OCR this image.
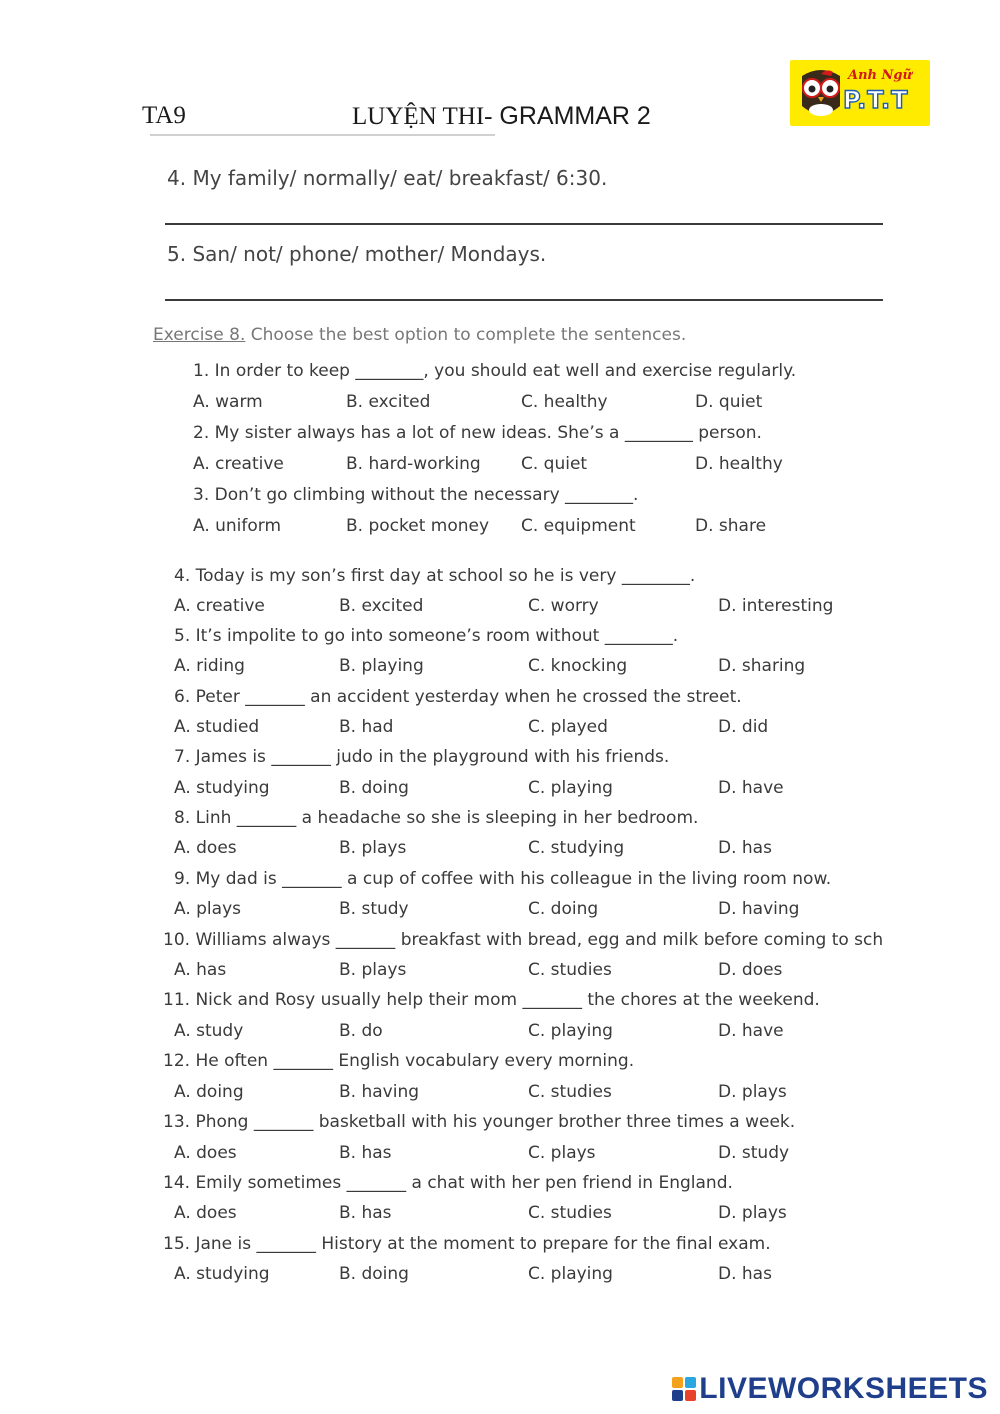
TA9	LUYỆN THI- GRAMMAR 2
Anh Ngữ
P.T.T
4. My family/ normally/ eat/ breakfast/ 6:30.
5. San/ not/ phone/ mother/ Mondays.
Exercise 8. Choose the best option to complete the sentences.
1. In order to keep ________, you should eat well and exercise regularly.
A. warm	B. excited	C. healthy	D. quiet
2. My sister always has a lot of new ideas. She’s a ________ person.
A. creative	B. hard-working C. quiet	D. healthy
3. Don’t go climbing without the necessary ________.
A. uniform	B. pocket money C. equipment	D. share
4. Today is my son’s first day at school so he is very ________.
A. creative	B. excited	C. worry	D. interesting
5. It’s impolite to go into someone’s room without ________.
A. riding	B. playing	C. knocking	D. sharing
6. Peter _______ an accident yesterday when he crossed the street.
A. studied	B. had	C. played	D. did
7. James is _______ judo in the playground with his friends.
A. studying	B. doing	C. playing	D. have
8. Linh _______ a headache so she is sleeping in her bedroom.
A. does	B. plays	C. studying	D. has
9. My dad is _______ a cup of coffee with his colleague in the living room now.
A. plays	B. study	C. doing	D. having
10. Williams always _______ breakfast with bread, egg and milk before coming to sch
A. has	B. plays	C. studies	D. does
11. Nick and Rosy usually help their mom _______ the chores at the weekend.
A. study	B. do	C. playing	D. have
12. He often _______ English vocabulary every morning.
A. doing	B. having	C. studies	D. plays
13. Phong _______ basketball with his younger brother three times a week.
A. does	B. has	C. plays	D. study
14. Emily sometimes _______ a chat with her pen friend in England.
A. does	B. has	C. studies	D. plays
15. Jane is _______ History at the moment to prepare for the final exam.
A. studying	B. doing	C. playing	D. has
LIVEWORKSHEETS
